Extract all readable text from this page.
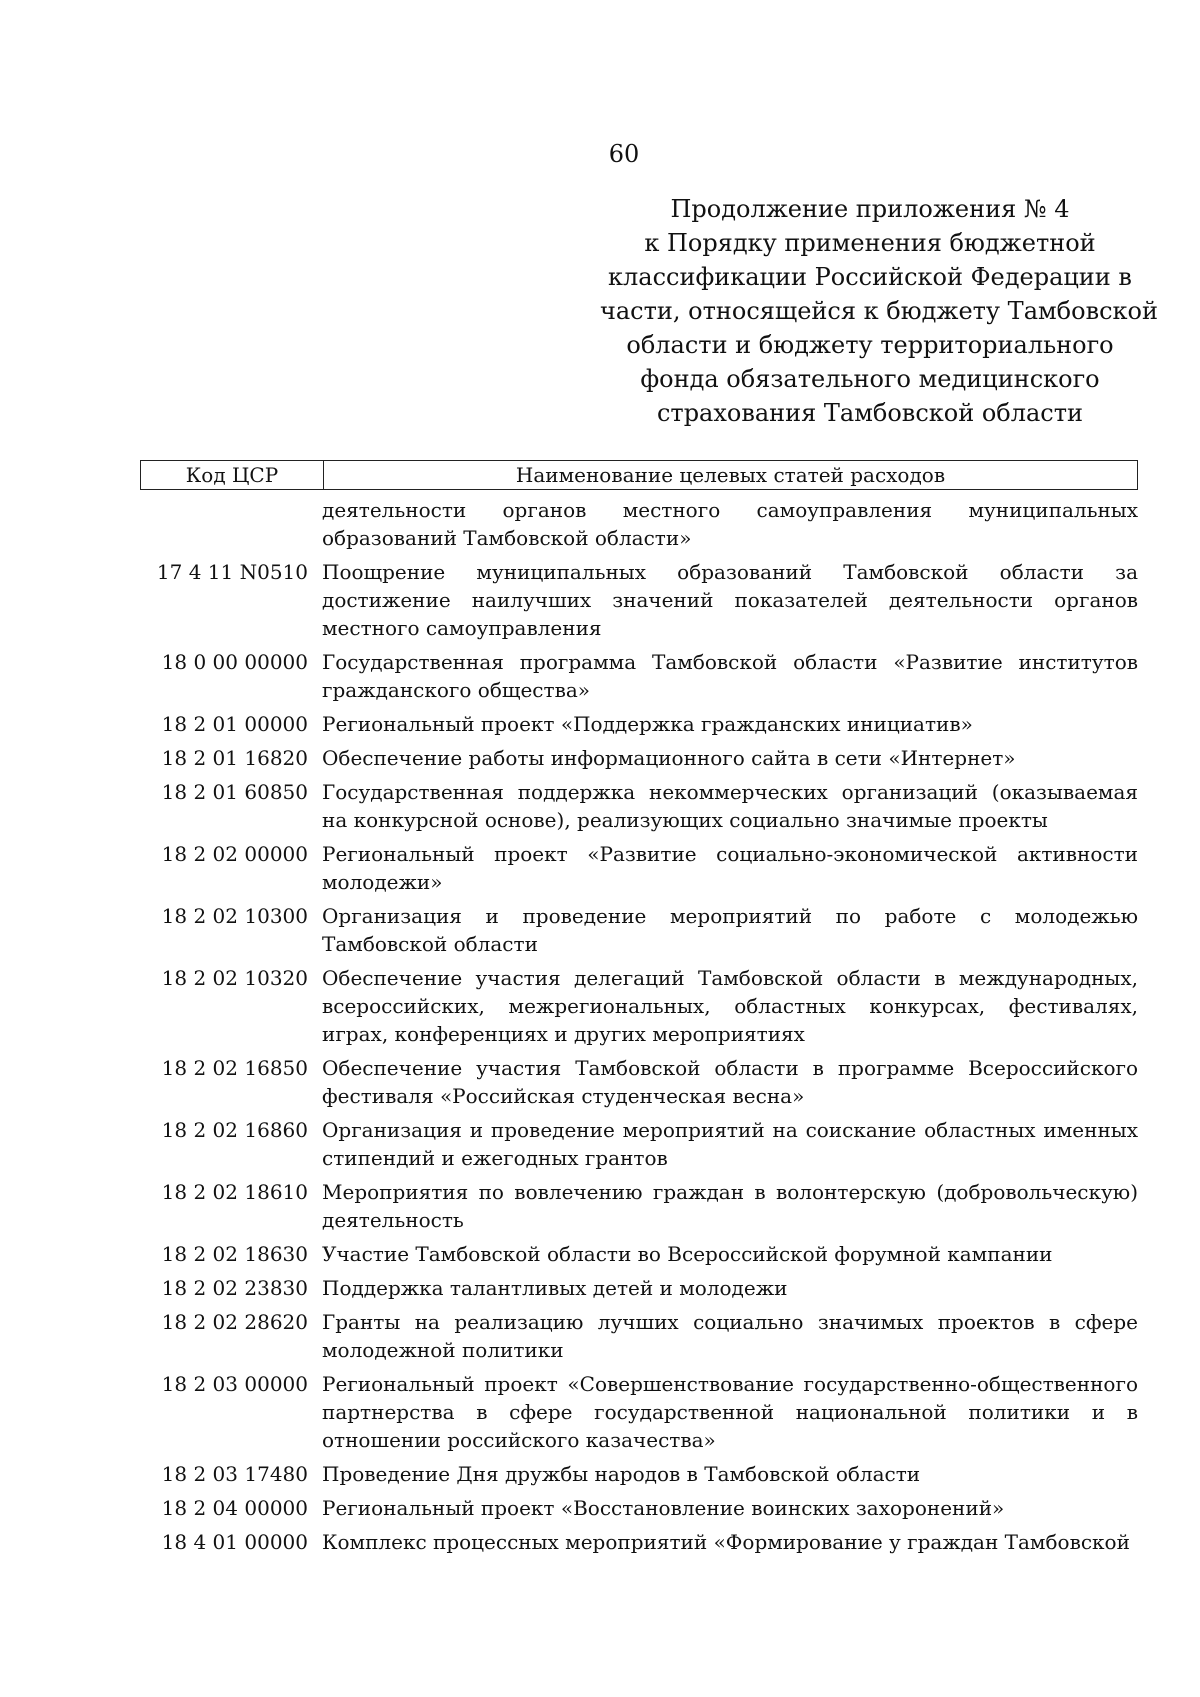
60
Продолжение приложения № 4
к Порядку применения бюджетной
классификации Российской Федерации в
части, относящейся к бюджету Тамбовской
области и бюджету территориального
фонда обязательного медицинского
страхования Тамбовской области
Код ЦСР	Наименование целевых статей расходов
деятельности органов местного самоуправления муниципальных образований Тамбовской области»
17 4 11 N0510 Поощрение муниципальных образований Тамбовской области за достижение наилучших значений показателей деятельности органов местного самоуправления
18 0 00 00000 Государственная программа Тамбовской области «Развитие институтов гражданского общества»
18 2 01 00000 Региональный проект «Поддержка гражданских инициатив»
18 2 01 16820 Обеспечение работы информационного сайта в сети «Интернет»
18 2 01 60850 Государственная поддержка некоммерческих организаций (оказываемая на конкурсной основе), реализующих социально значимые проекты
18 2 02 00000 Региональный проект «Развитие социально-экономической активности молодежи»
18 2 02 10300 Организация и проведение мероприятий по работе с молодежью Тамбовской области
18 2 02 10320 Обеспечение участия делегаций Тамбовской области в международных, всероссийских, межрегиональных, областных конкурсах, фестивалях, играх, конференциях и других мероприятиях
18 2 02 16850 Обеспечение участия Тамбовской области в программе Всероссийского фестиваля «Российская студенческая весна»
18 2 02 16860 Организация и проведение мероприятий на соискание областных именных стипендий и ежегодных грантов
18 2 02 18610 Мероприятия по вовлечению граждан в волонтерскую (добровольческую) деятельность
18 2 02 18630 Участие Тамбовской области во Всероссийской форумной кампании
18 2 02 23830 Поддержка талантливых детей и молодежи
18 2 02 28620 Гранты на реализацию лучших социально значимых проектов в сфере молодежной политики
18 2 03 00000 Региональный проект «Совершенствование государственно-общественного партнерства в сфере государственной национальной политики и в отношении российского казачества»
18 2 03 17480 Проведение Дня дружбы народов в Тамбовской области
18 2 04 00000 Региональный проект «Восстановление воинских захоронений»
18 4 01 00000 Комплекс процессных мероприятий «Формирование у граждан Тамбовской
